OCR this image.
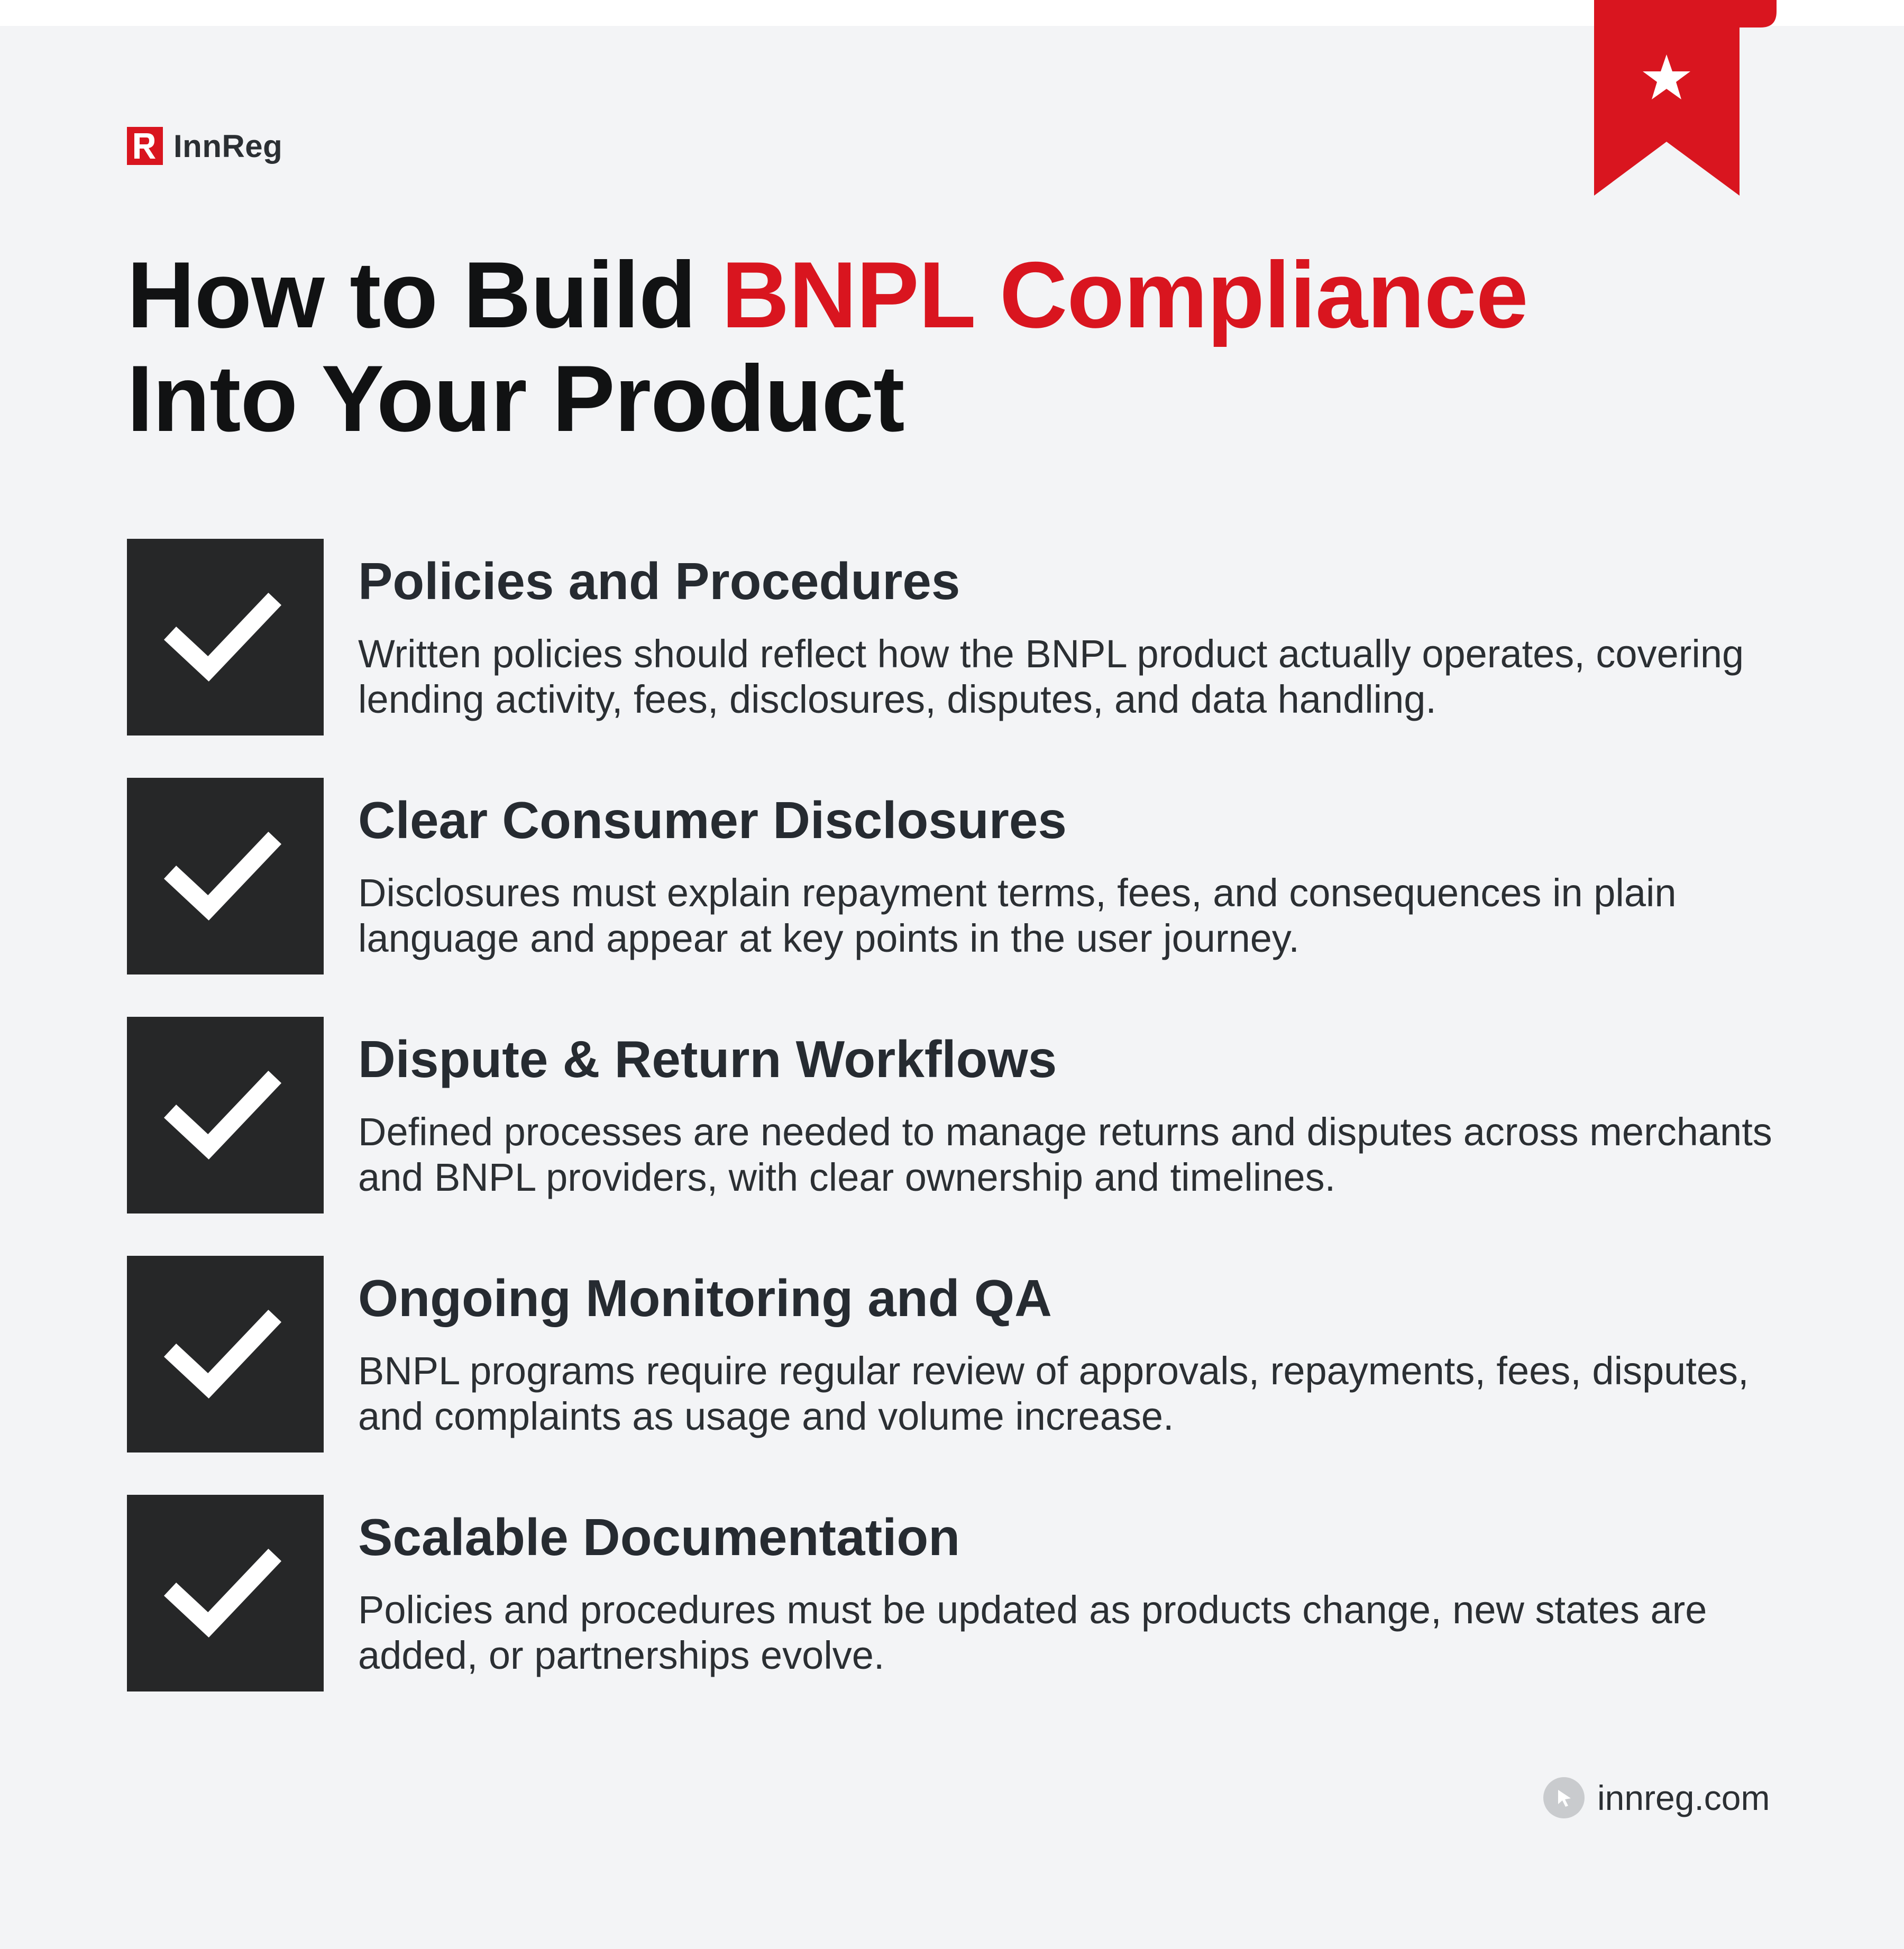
InnReg
How to Build BNPL Compliance
Into Your Product
Policies and Procedures
Written policies should reflect how the BNPL product actually operates, covering lending activity, fees, disclosures, disputes, and data handling.
Clear Consumer Disclosures
Disclosures must explain repayment terms, fees, and consequences in plain language and appear at key points in the user journey.
Dispute & Return Workflows
Defined processes are needed to manage returns and disputes across merchants and BNPL providers, with clear ownership and timelines.
Ongoing Monitoring and QA
BNPL programs require regular review of approvals, repayments, fees, disputes, and complaints as usage and volume increase.
Scalable Documentation
Policies and procedures must be updated as products change, new states are added, or partnerships evolve.
innreg.com
